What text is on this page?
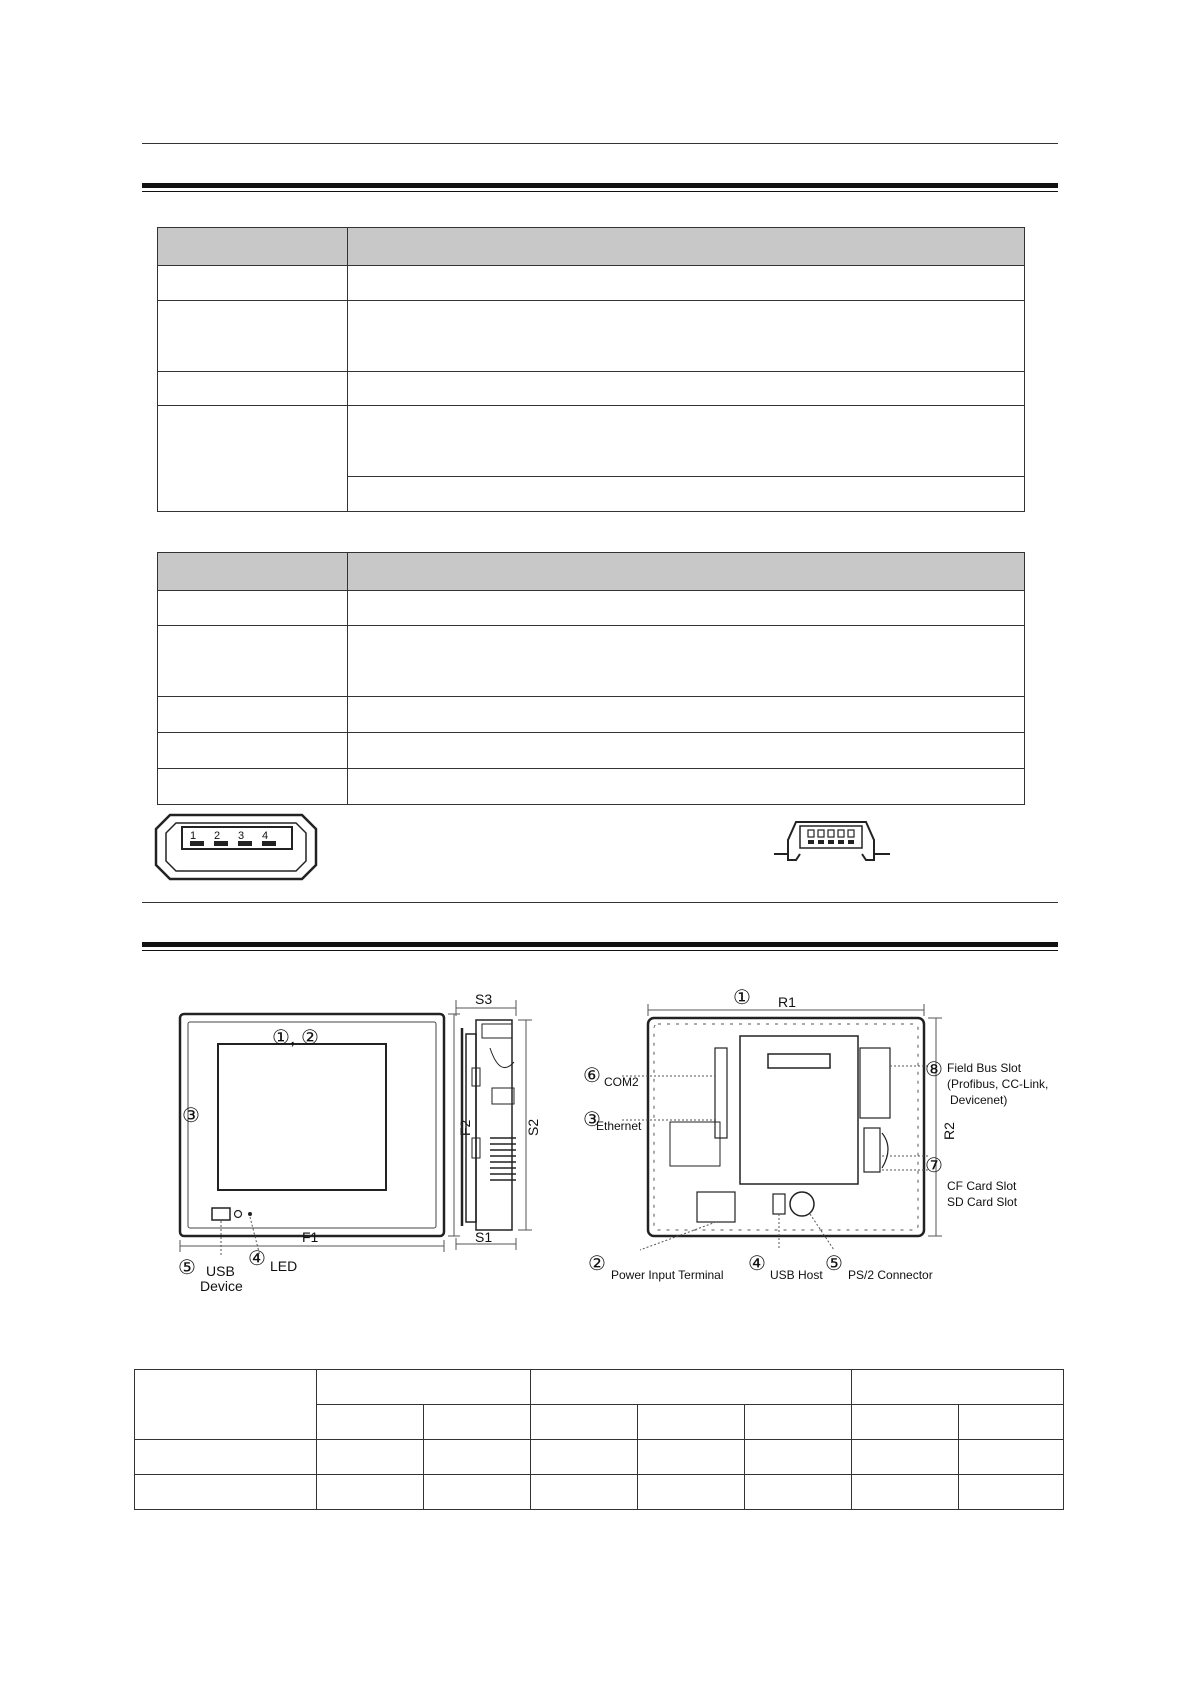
1 2 3 4
①, ②
③
F1
F2
⑤ USB
Device
④ LED
S3
S1
S2
① R1
R2
⑥ COM2
③
Ethernet
⑧ Field Bus Slot
(Profibus, CC-Link,
Devicenet)
⑦
CF Card Slot
SD Card Slot
② Power Input Terminal ④ USB Host ⑤ PS/2 Connector
